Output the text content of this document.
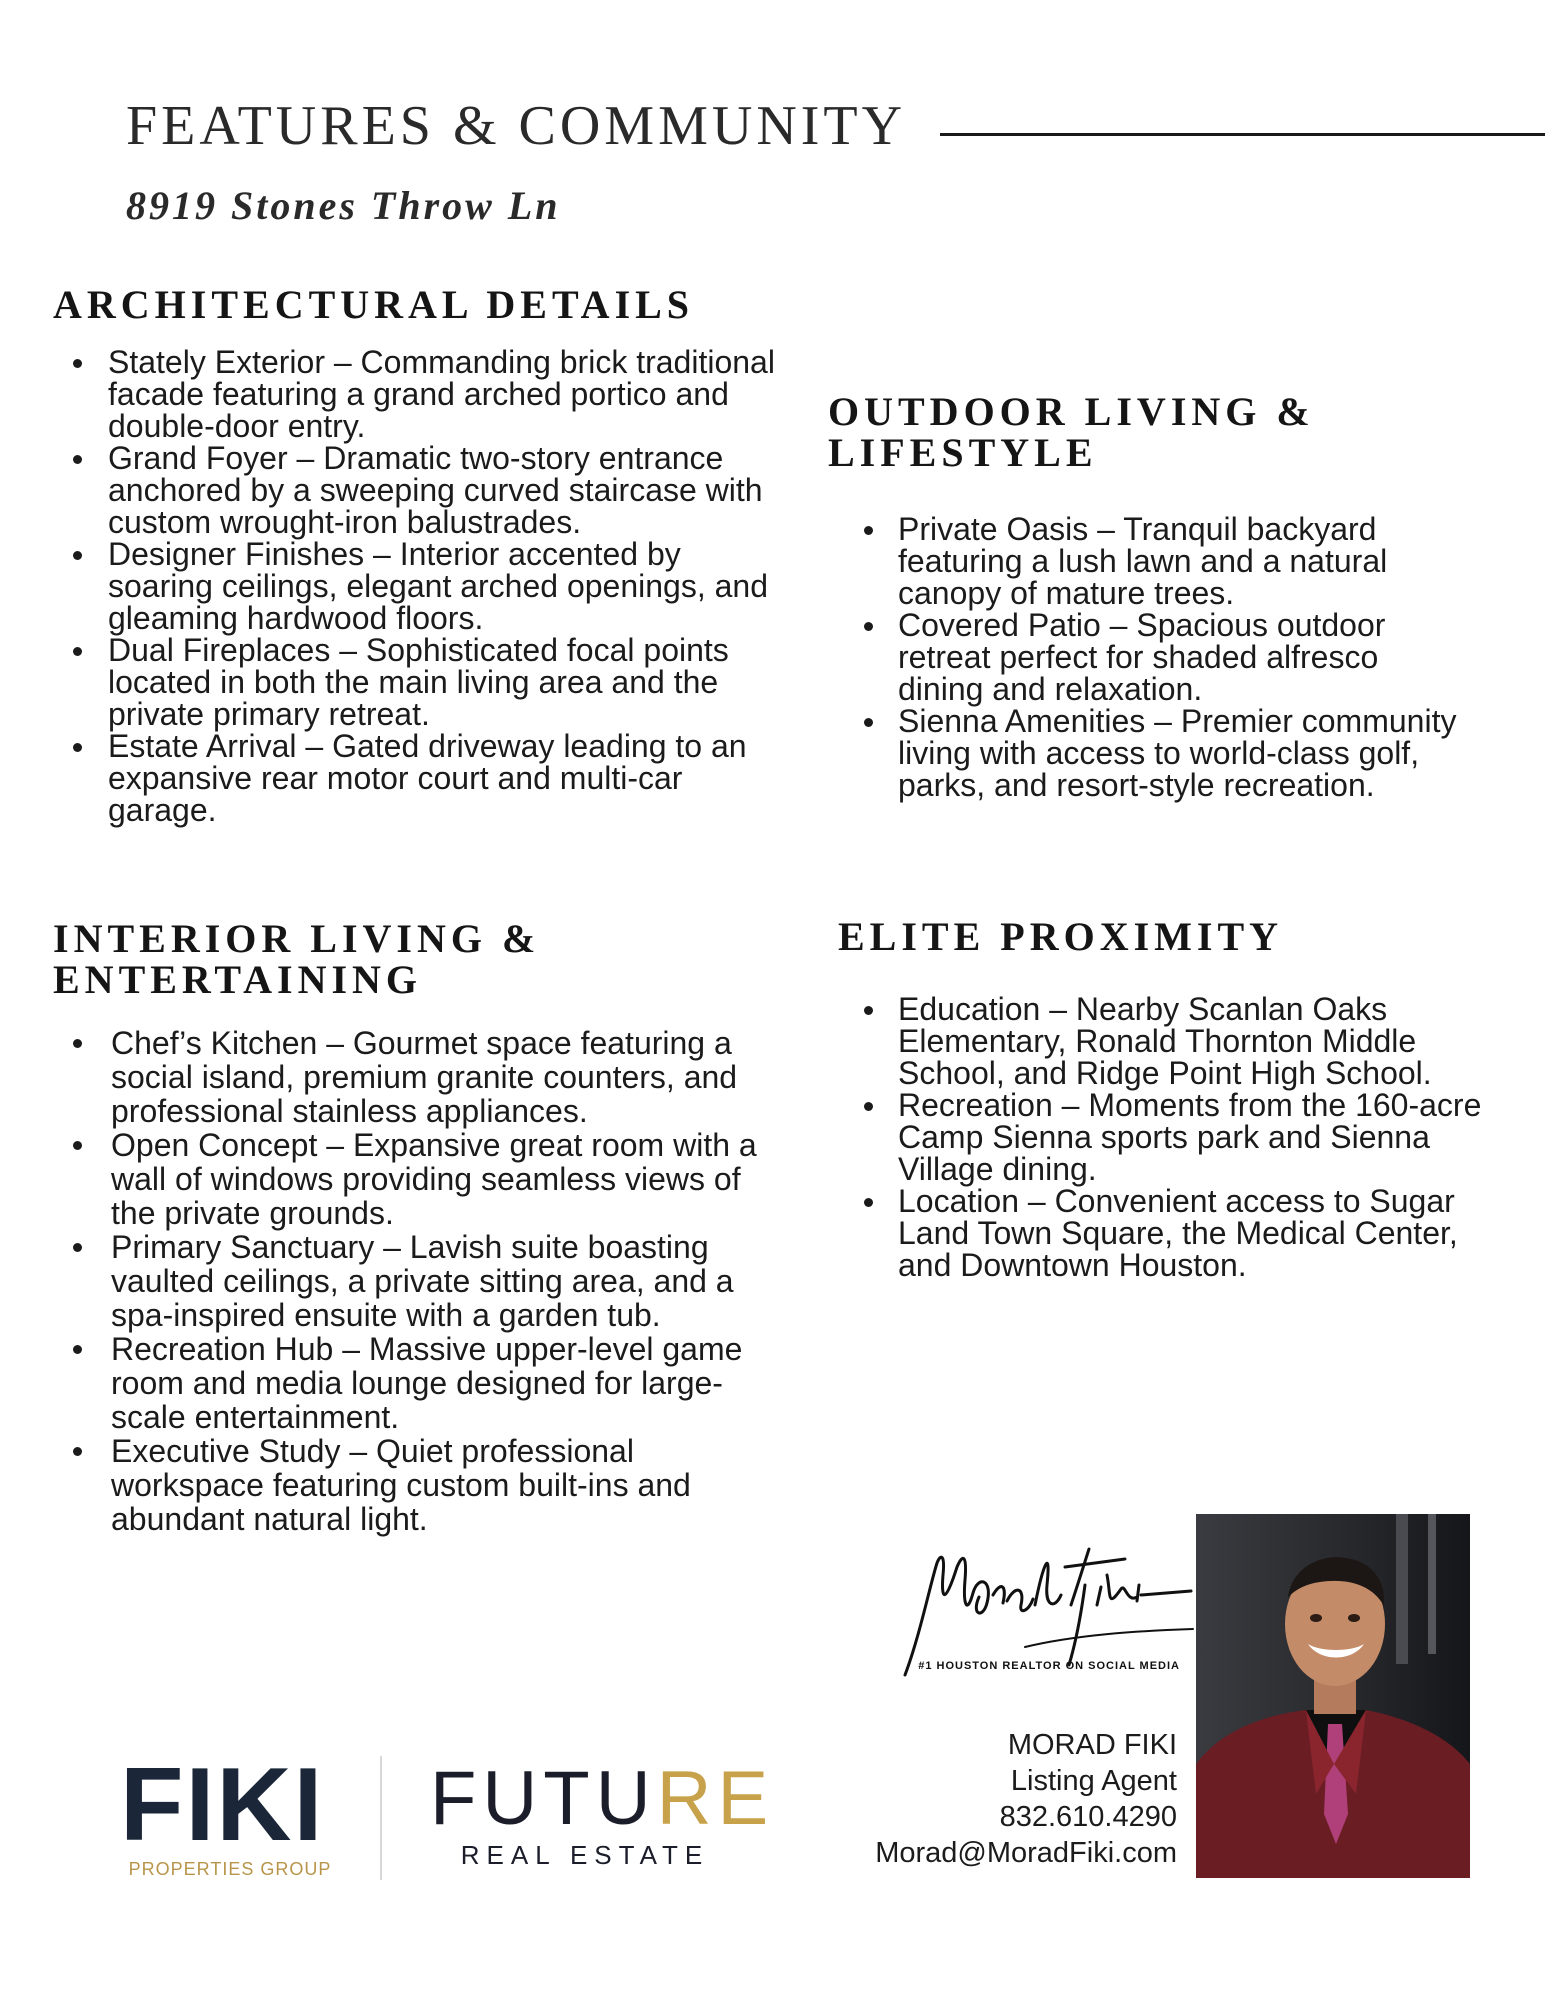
FEATURES & COMMUNITY
8919 Stones Throw Ln
ARCHITECTURAL DETAILS
Stately Exterior – Commanding brick traditional facade featuring a grand arched portico and double-door entry.
Grand Foyer – Dramatic two-story entrance anchored by a sweeping curved staircase with custom wrought-iron balustrades.
Designer Finishes – Interior accented by soaring ceilings, elegant arched openings, and gleaming hardwood floors.
Dual Fireplaces – Sophisticated focal points located in both the main living area and the private primary retreat.
Estate Arrival – Gated driveway leading to an expansive rear motor court and multi-car garage.
OUTDOOR LIVING &
LIFESTYLE
Private Oasis – Tranquil backyard featuring a lush lawn and a natural canopy of mature trees.
Covered Patio – Spacious outdoor retreat perfect for shaded alfresco dining and relaxation.
Sienna Amenities – Premier community living with access to world-class golf, parks, and resort-style recreation.
INTERIOR LIVING &
ENTERTAINING
Chef’s Kitchen – Gourmet space featuring a social island, premium granite counters, and professional stainless appliances.
Open Concept – Expansive great room with a wall of windows providing seamless views of the private grounds.
Primary Sanctuary – Lavish suite boasting vaulted ceilings, a private sitting area, and a spa-inspired ensuite with a garden tub.
Recreation Hub – Massive upper-level game room and media lounge designed for large-scale entertainment.
Executive Study – Quiet professional workspace featuring custom built-ins and abundant natural light.
ELITE PROXIMITY
Education – Nearby Scanlan Oaks Elementary, Ronald Thornton Middle School, and Ridge Point High School.
Recreation – Moments from the 160-acre Camp Sienna sports park and Sienna Village dining.
Location – Convenient access to Sugar Land Town Square, the Medical Center, and Downtown Houston.
#1 HOUSTON REALTOR ON SOCIAL MEDIA
MORAD FIKI
Listing Agent
832.610.4290
Morad@MoradFiki.com
FIKI
PROPERTIES GROUP
FUTURE
REAL ESTATE
